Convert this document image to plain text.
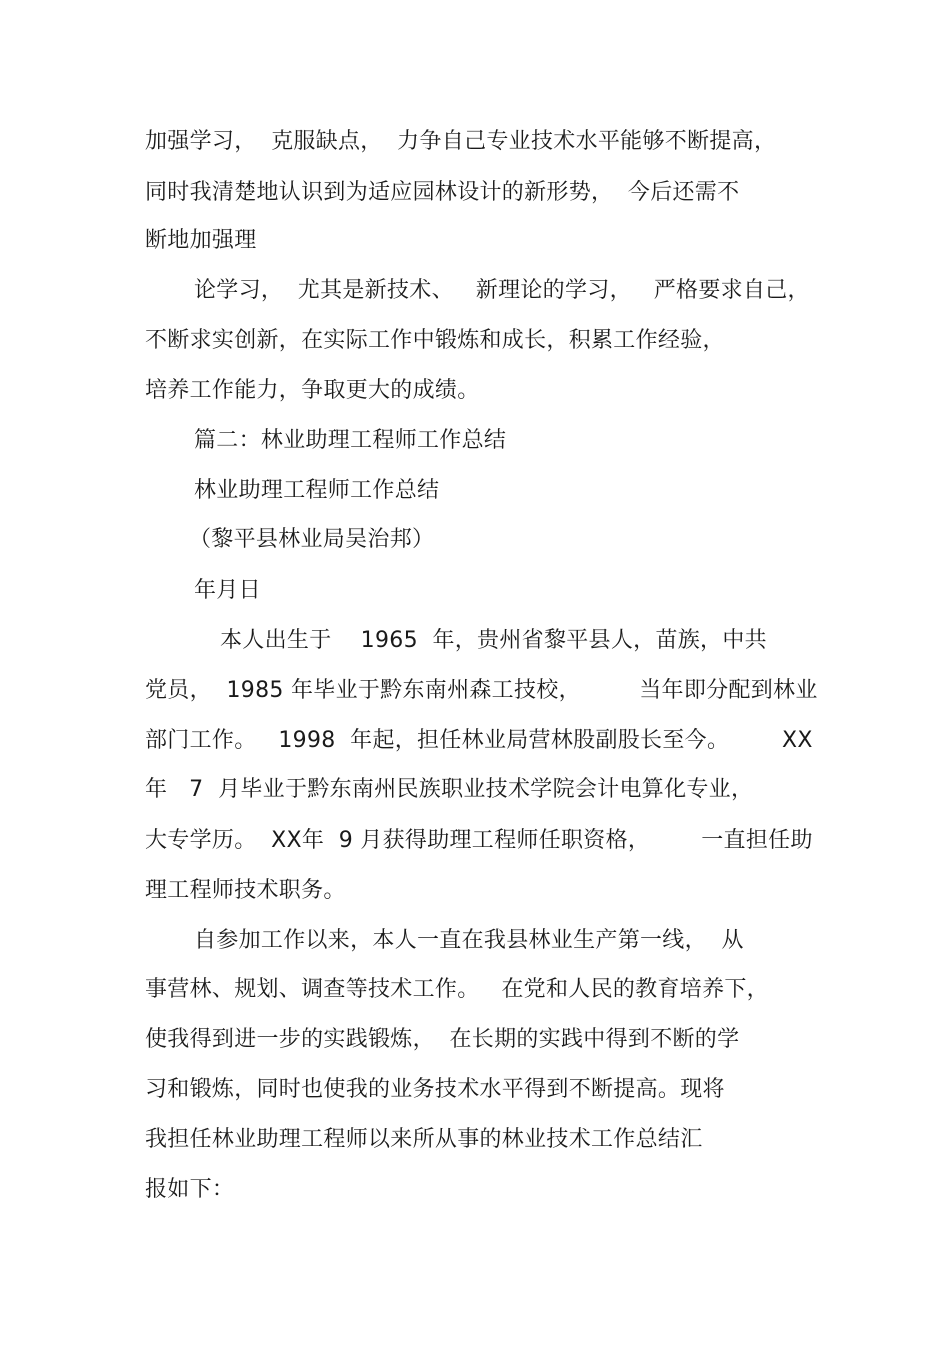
加强学习，  克服缺点，  力争自己专业技术水平能够不断提高，
同时我清楚地认识到为适应园林设计的新形势，  今后还需不
断地加强理
论学习，  尤其是新技术、   新理论的学习，   严格要求自己，
不断求实创新，在实际工作中锻炼和成长，积累工作经验，
培养工作能力，争取更大的成绩。
篇二：林业助理工程师工作总结
林业助理工程师工作总结
（黎平县林业局吴治邦）
年月日
本人出生于    1965  年，贵州省黎平县人，苗族，中共
党员，  1985 年毕业于黔东南州森工技校，        当年即分配到林业
部门工作。   1998  年起，担任林业局营林股副股长至今。 XX
年   7  月毕业于黔东南州民族职业技术学院会计电算化专业，
大专学历。  XX年  9 月获得助理工程师任职资格，       一直担任助
理工程师技术职务。
自参加工作以来，本人一直在我县林业生产第一线，  从
事营林、规划、调查等技术工作。   在党和人民的教育培养下，
使我得到进一步的实践锻炼，  在长期的实践中得到不断的学
习和锻炼，同时也使我的业务技术水平得到不断提高。现将
我担任林业助理工程师以来所从事的林业技术工作总结汇
报如下：
